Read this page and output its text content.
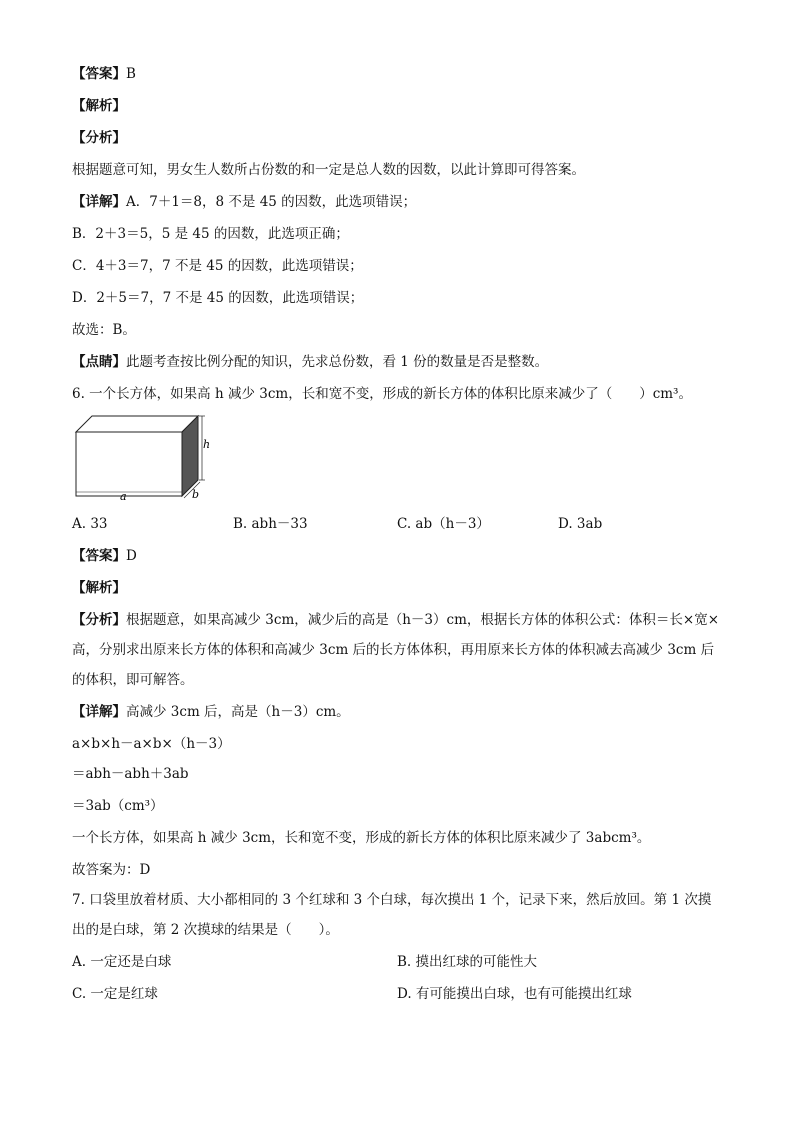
【答案】B
【解析】
【分析】
根据题意可知，男女生人数所占份数的和一定是总人数的因数，以此计算即可得答案。
【详解】A．7＋1＝8，8 不是 45 的因数，此选项错误；
B．2＋3＝5，5 是 45 的因数，此选项正确；
C．4＋3＝7，7 不是 45 的因数，此选项错误；
D．2＋5＝7，7 不是 45 的因数，此选项错误；
故选：B。
【点睛】此题考查按比例分配的知识，先求总份数，看 1 份的数量是否是整数。
6. 一个长方体，如果高 h 减少 3cm，长和宽不变，形成的新长方体的体积比原来减少了（　　）cm³。
h
a	b
A. 33	B. abh－33	C. ab（h－3）	D. 3ab
【答案】D
【解析】
【分析】根据题意，如果高减少 3cm，减少后的高是（h－3）cm，根据长方体的体积公式：体积＝长×宽×
高，分别求出原来长方体的体积和高减少 3cm 后的长方体体积，再用原来长方体的体积减去高减少 3cm 后
的体积，即可解答。
【详解】高减少 3cm 后，高是（h－3）cm。
a×b×h－a×b×（h－3）
＝abh－abh＋3ab
＝3ab（cm³）
一个长方体，如果高 h 减少 3cm，长和宽不变，形成的新长方体的体积比原来减少了 3abcm³。
故答案为：D
7. 口袋里放着材质、大小都相同的 3 个红球和 3 个白球，每次摸出 1 个，记录下来，然后放回。第 1 次摸
出的是白球，第 2 次摸球的结果是（　　）。
A. 一定还是白球	B. 摸出红球的可能性大
C. 一定是红球	D. 有可能摸出白球，也有可能摸出红球
